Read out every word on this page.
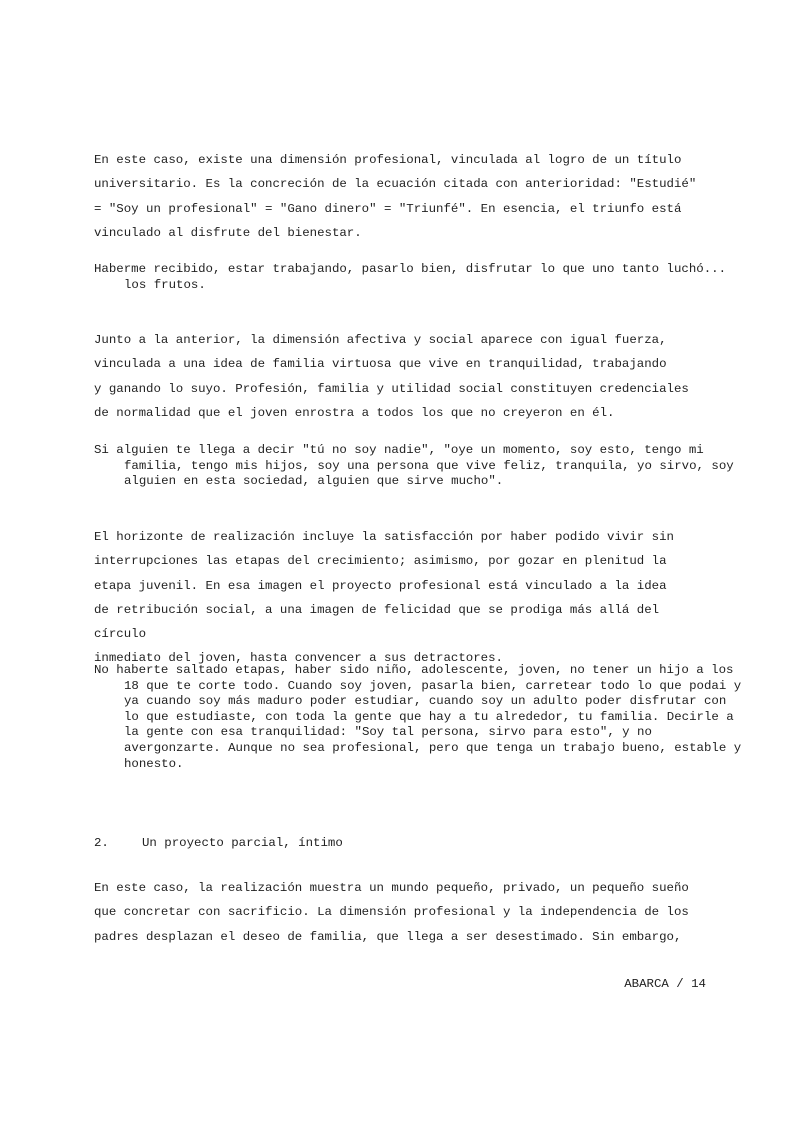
En este caso, existe una dimensión profesional, vinculada al logro de un título
universitario. Es la concreción de la ecuación citada con anterioridad: "Estudié"
= "Soy un profesional" = "Gano dinero" = "Triunfé". En esencia, el triunfo está
vinculado al disfrute del bienestar.

Haberme recibido, estar trabajando, pasarlo bien, disfrutar lo que uno tanto luchó... los frutos.

Junto a la anterior, la dimensión afectiva y social aparece con igual fuerza,
vinculada a una idea de familia virtuosa que vive en tranquilidad, trabajando
y ganando lo suyo. Profesión, familia y utilidad social constituyen credenciales
de normalidad que el joven enrostra a todos los que no creyeron en él.

Si alguien te llega a decir "tú no soy nadie", "oye un momento, soy esto, tengo mi familia, tengo mis hijos, soy una persona que vive feliz, tranquila, yo sirvo, soy alguien en esta sociedad, alguien que sirve mucho".

El horizonte de realización incluye la satisfacción por haber podido vivir sin
interrupciones las etapas del crecimiento; asimismo, por gozar en plenitud la
etapa juvenil. En esa imagen el proyecto profesional está vinculado a la idea
de retribución social, a una imagen de felicidad que se prodiga más allá del círculo
inmediato del joven, hasta convencer a sus detractores.

No haberte saltado etapas, haber sido niño, adolescente, joven, no tener un hijo a los 18 que te corte todo. Cuando soy joven, pasarla bien, carretear todo lo que podai y ya cuando soy más maduro poder estudiar, cuando soy un adulto poder disfrutar con lo que estudiaste, con toda la gente que hay a tu alrededor, tu familia. Decirle a la gente con esa tranquilidad: "Soy tal persona, sirvo para esto", y no avergonzarte. Aunque no sea profesional, pero que tenga un trabajo bueno, estable y honesto.

2.	Un proyecto parcial, íntimo

En este caso, la realización muestra un mundo pequeño, privado, un pequeño sueño
que concretar con sacrificio. La dimensión profesional y la independencia de los
padres desplazan el deseo de familia, que llega a ser desestimado. Sin embargo,

ABARCA / 14
